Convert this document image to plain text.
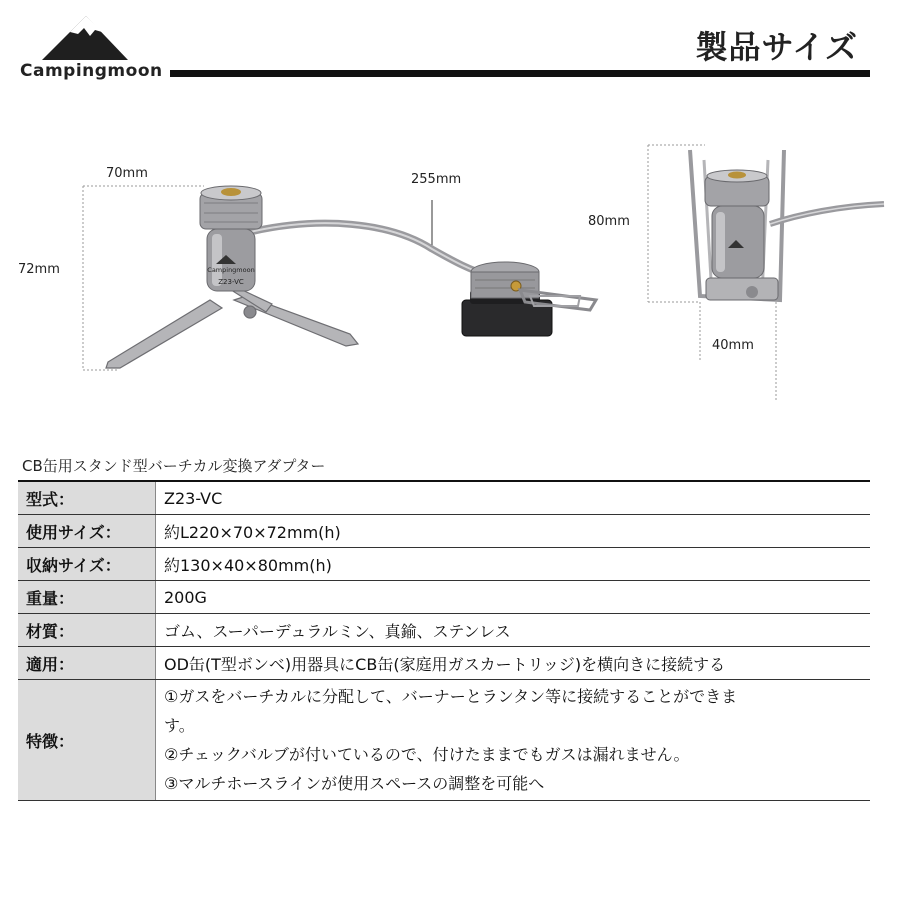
Campingmoon
製品サイズ
Campingmoon
Z23-VC
70mm
72mm
255mm
80mm
40mm
CB缶用スタンド型バーチカル変換アダプター
型式：	Z23-VC
使用サイズ：	約L220×70×72mm(h)
収納サイズ：	約130×40×80mm(h)
重量：	200G
材質：	ゴム、スーパーデュラルミン、真鍮、ステンレス
適用：	OD缶(T型ボンベ)用器具にCB缶(家庭用ガスカートリッジ)を横向きに接続する
特徴：	①ガスをバーチカルに分配して、バーナーとランタン等に接続することができま
す。
②チェックバルブが付いているので、付けたままでもガスは漏れません。
③マルチホースラインが使用スペースの調整を可能へ
